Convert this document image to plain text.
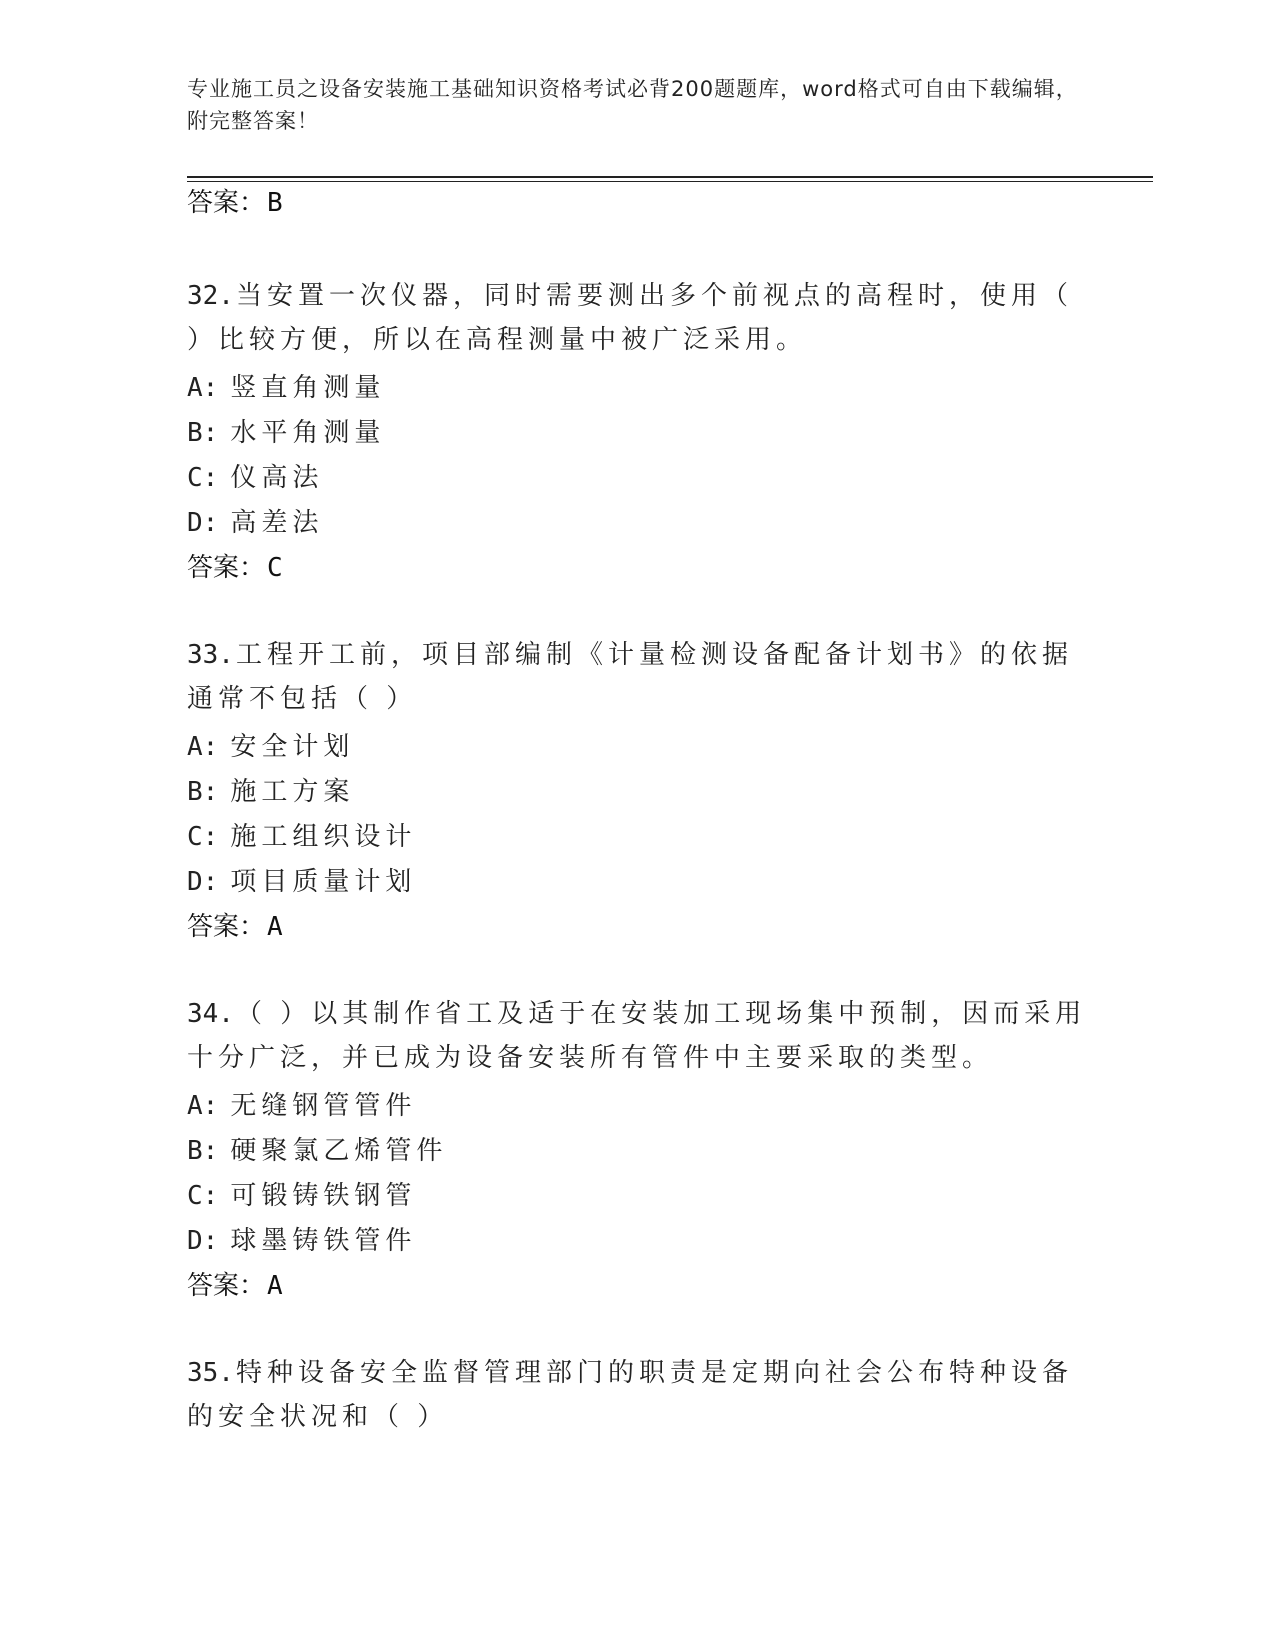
专业施工员之设备安装施工基础知识资格考试必背200题题库，word格式可自由下载编辑，附完整答案！
答案：B
32.当安置一次仪器，同时需要测出多个前视点的高程时，使用（ ）比较方便，所以在高程测量中被广泛采用。
A: 竖直角测量
B: 水平角测量
C: 仪高法
D: 高差法
答案：C
33.工程开工前，项目部编制《计量检测设备配备计划书》的依据通常不包括（ ）
A: 安全计划
B: 施工方案
C: 施工组织设计
D: 项目质量计划
答案：A
34.（ ）以其制作省工及适于在安装加工现场集中预制，因而采用十分广泛，并已成为设备安装所有管件中主要采取的类型。
A: 无缝钢管管件
B: 硬聚氯乙烯管件
C: 可锻铸铁钢管
D: 球墨铸铁管件
答案：A
35.特种设备安全监督管理部门的职责是定期向社会公布特种设备的安全状况和（ ）
